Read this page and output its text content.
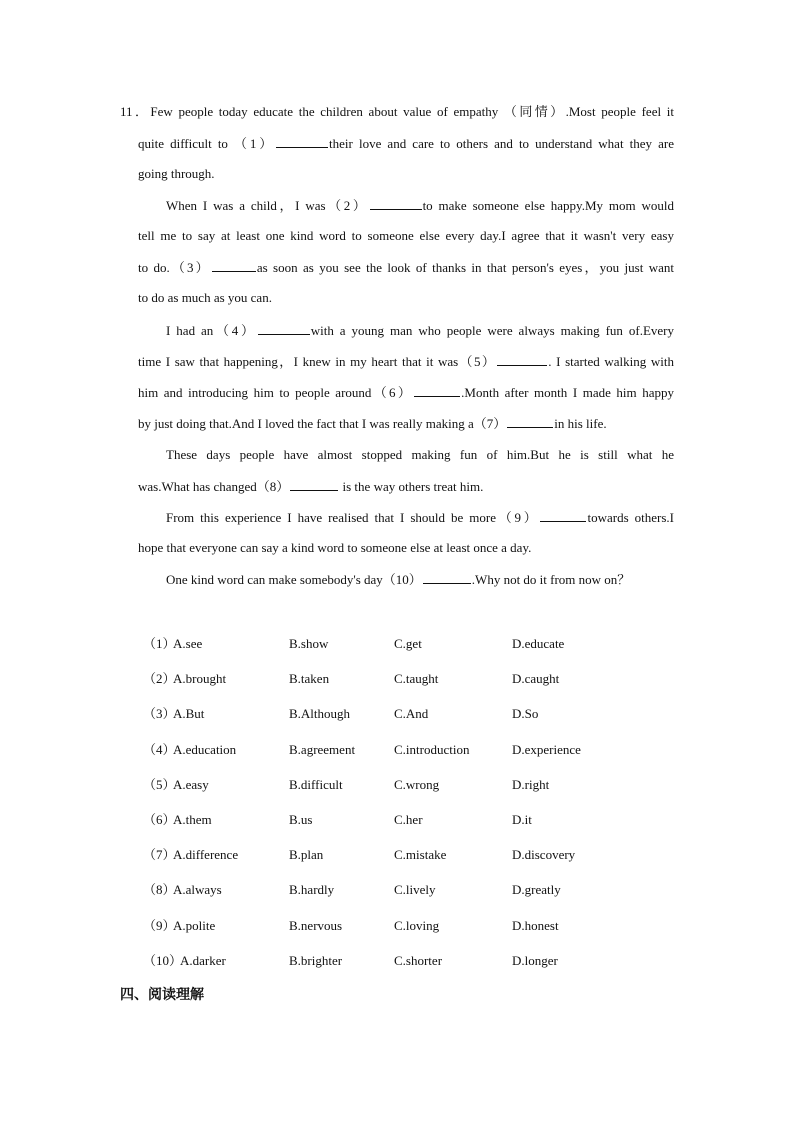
11．Few people today educate the children about value of empathy （同情）.Most people feel it
quite difficult to （1）	their love and care to others and to understand what they are
going through.
When I was a child，I was（2）	to make someone else happy.My mom would
tell me to say at least one kind word to someone else every day.I agree that it wasn't very easy
to do.（3）	as soon as you see the look of thanks in that person's eyes，you just want
to do as much as you can.
I had an（4）	with a young man who people were always making fun of.Every
time I saw that happening，I knew in my heart that it was（5）	. I started walking with
him and introducing him to people around（6）	.Month after month I made him happy
by just doing that.And I loved the fact that I was really making a（7）	in his life.
These days people have almost stopped making fun of him.But he is still what he
was.What has changed（8）	is the way others treat him.
From this experience I have realised that I should be more（9）	towards others.I
hope that everyone can say a kind word to someone else at least once a day.
One kind word can make somebody's day（10）	.Why not do it from now on？
（1）
A.see	B.show	C.get	D.educate
（2）
A.brought	B.taken	C.taught	D.caught
（3）
A.But	B.Although	C.And	D.So
（4）
A.education	B.agreement	C.introduction	D.experience
（5）
A.easy	B.difficult	C.wrong	D.right
（6）
A.them	B.us	C.her	D.it
（7）
A.difference	B.plan	C.mistake	D.discovery
（8）
A.always	B.hardly	C.lively	D.greatly
（9）
A.polite	B.nervous	C.loving	D.honest
（10）
A.darker	B.brighter	C.shorter	D.longer
四、阅读理解
